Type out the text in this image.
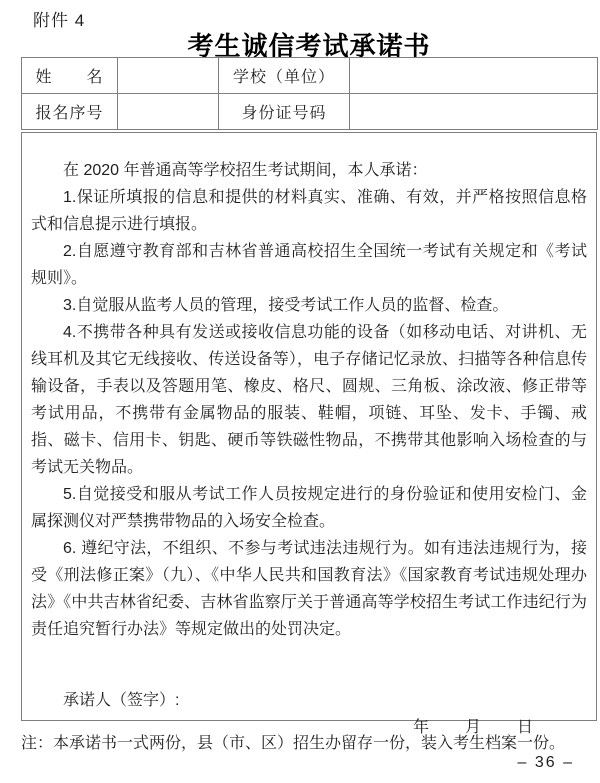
附件 4
考生诚信考试承诺书
姓　　名		学校（单位）	
报名序号		身份证号码	

在 2020 年普通高等学校招生考试期间，本人承诺：

1.保证所填报的信息和提供的材料真实、准确、有效，并严格按照信息格式和信息提示进行填报。

2.自愿遵守教育部和吉林省普通高校招生全国统一考试有关规定和《考试规则》。

3.自觉服从监考人员的管理，接受考试工作人员的监督、检查。

4.不携带各种具有发送或接收信息功能的设备（如移动电话、对讲机、无线耳机及其它无线接收、传送设备等），电子存储记忆录放、扫描等各种信息传输设备，手表以及答题用笔、橡皮、格尺、圆规、三角板、涂改液、修正带等考试用品，不携带有金属物品的服装、鞋帽，项链、耳坠、发卡、手镯、戒指、磁卡、信用卡、钥匙、硬币等铁磁性物品，不携带其他影响入场检查的与考试无关物品。

5.自觉接受和服从考试工作人员按规定进行的身份验证和使用安检门、金属探测仪对严禁携带物品的入场安全检查。

6. 遵纪守法，不组织、不参与考试违法违规行为。如有违法违规行为，接受《刑法修正案》（九）、《中华人民共和国教育法》《国家教育考试违规处理办法》《中共吉林省纪委、吉林省监察厅关于普通高等学校招生考试工作违纪行为责任追究暂行办法》等规定做出的处罚决定。

承诺人（签字）:
年 月 日
注：本承诺书一式两份，县（市、区）招生办留存一份，装入考生档案一份。
– 36 –
